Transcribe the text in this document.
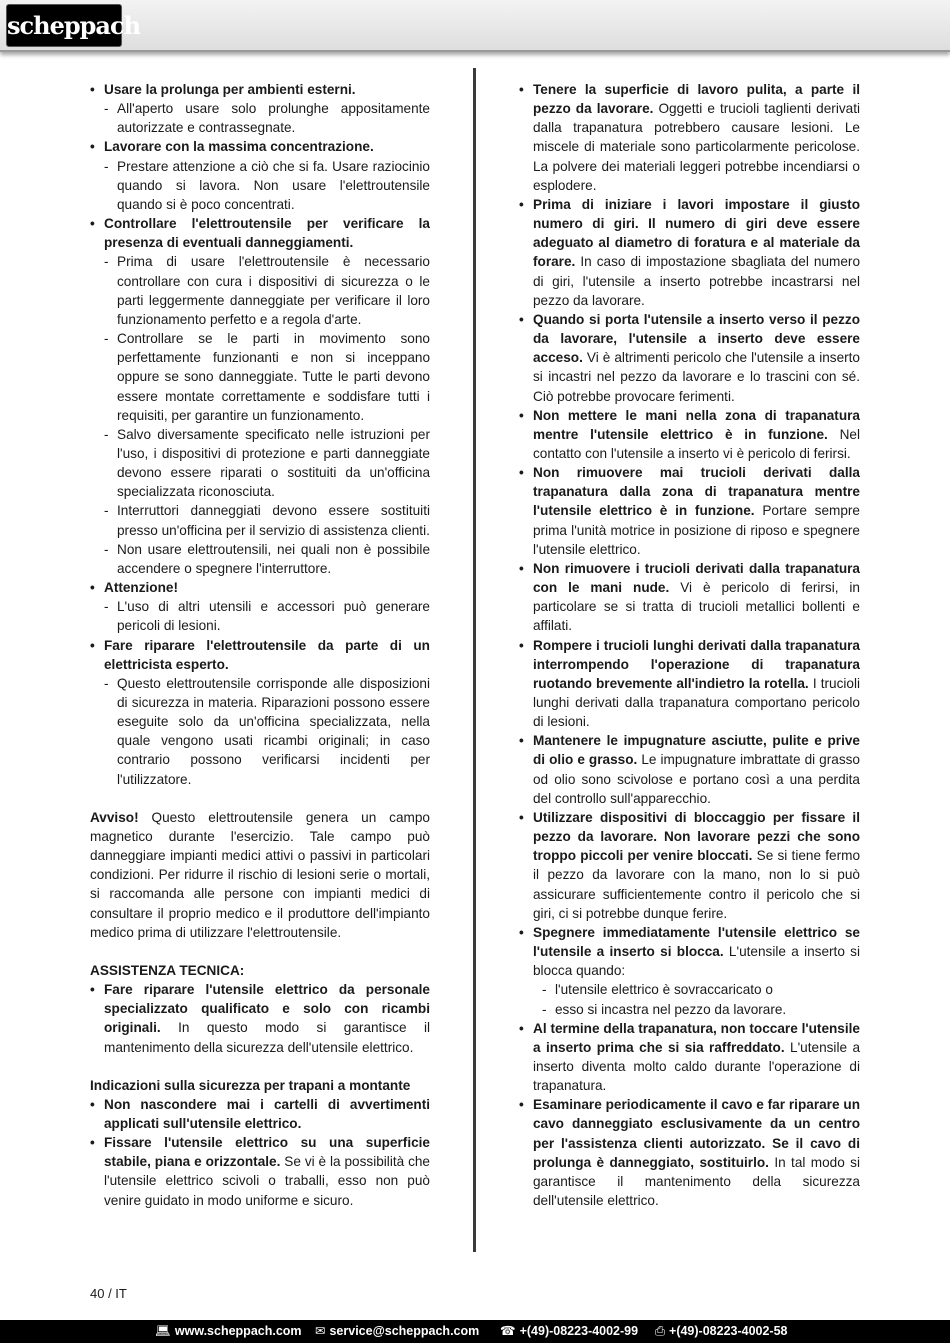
scheppach
• Usare la prolunga per ambienti esterni.
- All'aperto usare solo prolunghe appositamente autorizzate e contrassegnate.
• Lavorare con la massima concentrazione.
- Prestare attenzione a ciò che si fa. Usare raziocinio quando si lavora. Non usare l'elettroutensile quando si è poco concentrati.
• Controllare l'elettroutensile per verificare la presenza di eventuali danneggiamenti.
- Prima di usare l'elettroutensile è necessario controllare con cura i dispositivi di sicurezza o le parti leggermente danneggiate per verificare il loro funzionamento perfetto e a regola d'arte.
- Controllare se le parti in movimento sono perfettamente funzionanti e non si inceppano oppure se sono danneggiate. Tutte le parti devono essere montate correttamente e soddisfare tutti i requisiti, per garantire un funzionamento.
- Salvo diversamente specificato nelle istruzioni per l'uso, i dispositivi di protezione e parti danneggiate devono essere riparati o sostituiti da un'officina specializzata riconosciuta.
- Interruttori danneggiati devono essere sostituiti presso un'officina per il servizio di assistenza clienti.
- Non usare elettroutensili, nei quali non è possibile accendere o spegnere l'interruttore.
• Attenzione!
- L'uso di altri utensili e accessori può generare pericoli di lesioni.
• Fare riparare l'elettroutensile da parte di un elettricista esperto.
- Questo elettroutensile corrisponde alle disposizioni di sicurezza in materia. Riparazioni possono essere eseguite solo da un'officina specializzata, nella quale vengono usati ricambi originali; in caso contrario possono verificarsi incidenti per l'utilizzatore.
Avviso! Questo elettroutensile genera un campo magnetico durante l'esercizio. Tale campo può danneggiare impianti medici attivi o passivi in particolari condizioni. Per ridurre il rischio di lesioni serie o mortali, si raccomanda alle persone con impianti medici di consultare il proprio medico e il produttore dell'impianto medico prima di utilizzare l'elettroutensile.
ASSISTENZA TECNICA:
• Fare riparare l'utensile elettrico da personale specializzato qualificato e solo con ricambi originali. In questo modo si garantisce il mantenimento della sicurezza dell'utensile elettrico.
Indicazioni sulla sicurezza per trapani a montante
• Non nascondere mai i cartelli di avvertimenti applicati sull'utensile elettrico.
• Fissare l'utensile elettrico su una superficie stabile, piana e orizzontale. Se vi è la possibilità che l'utensile elettrico scivoli o traballi, esso non può venire guidato in modo uniforme e sicuro.
• Tenere la superficie di lavoro pulita, a parte il pezzo da lavorare. Oggetti e trucioli taglienti derivati dalla trapanatura potrebbero causare lesioni. Le miscele di materiale sono particolarmente pericolose. La polvere dei materiali leggeri potrebbe incendiarsi o esplodere.
• Prima di iniziare i lavori impostare il giusto numero di giri. Il numero di giri deve essere adeguato al diametro di foratura e al materiale da forare. In caso di impostazione sbagliata del numero di giri, l'utensile a inserto potrebbe incastrarsi nel pezzo da lavorare.
• Quando si porta l'utensile a inserto verso il pezzo da lavorare, l'utensile a inserto deve essere acceso. Vi è altrimenti pericolo che l'utensile a inserto si incastri nel pezzo da lavorare e lo trascini con sé. Ciò potrebbe provocare ferimenti.
• Non mettere le mani nella zona di trapanatura mentre l'utensile elettrico è in funzione. Nel contatto con l'utensile a inserto vi è pericolo di ferirsi.
• Non rimuovere mai trucioli derivati dalla trapanatura dalla zona di trapanatura mentre l'utensile elettrico è in funzione. Portare sempre prima l'unità motrice in posizione di riposo e spegnere l'utensile elettrico.
• Non rimuovere i trucioli derivati dalla trapanatura con le mani nude. Vi è pericolo di ferirsi, in particolare se si tratta di trucioli metallici bollenti e affilati.
• Rompere i trucioli lunghi derivati dalla trapanatura interrompendo l'operazione di trapanatura ruotando brevemente all'indietro la rotella. I trucioli lunghi derivati dalla trapanatura comportano pericolo di lesioni.
• Mantenere le impugnature asciutte, pulite e prive di olio e grasso. Le impugnature imbrattate di grasso od olio sono scivolose e portano così a una perdita del controllo sull'apparecchio.
• Utilizzare dispositivi di bloccaggio per fissare il pezzo da lavorare. Non lavorare pezzi che sono troppo piccoli per venire bloccati. Se si tiene fermo il pezzo da lavorare con la mano, non lo si può assicurare sufficientemente contro il pericolo che si giri, ci si potrebbe dunque ferire.
• Spegnere immediatamente l'utensile elettrico se l'utensile a inserto si blocca. L'utensile a inserto si blocca quando:
- l'utensile elettrico è sovraccaricato o
- esso si incastra nel pezzo da lavorare.
• Al termine della trapanatura, non toccare l'utensile a inserto prima che si sia raffreddato. L'utensile a inserto diventa molto caldo durante l'operazione di trapanatura.
• Esaminare periodicamente il cavo e far riparare un cavo danneggiato esclusivamente da un centro per l'assistenza clienti autorizzato. Se il cavo di prolunga è danneggiato, sostituirlo. In tal modo si garantisce il mantenimento della sicurezza dell'utensile elettrico.
40 / IT
💻︎ www.scheppach.com ✉︎ service@scheppach.com ☎︎ +(49)-08223-4002-99 ⎙ +(49)-08223-4002-58
